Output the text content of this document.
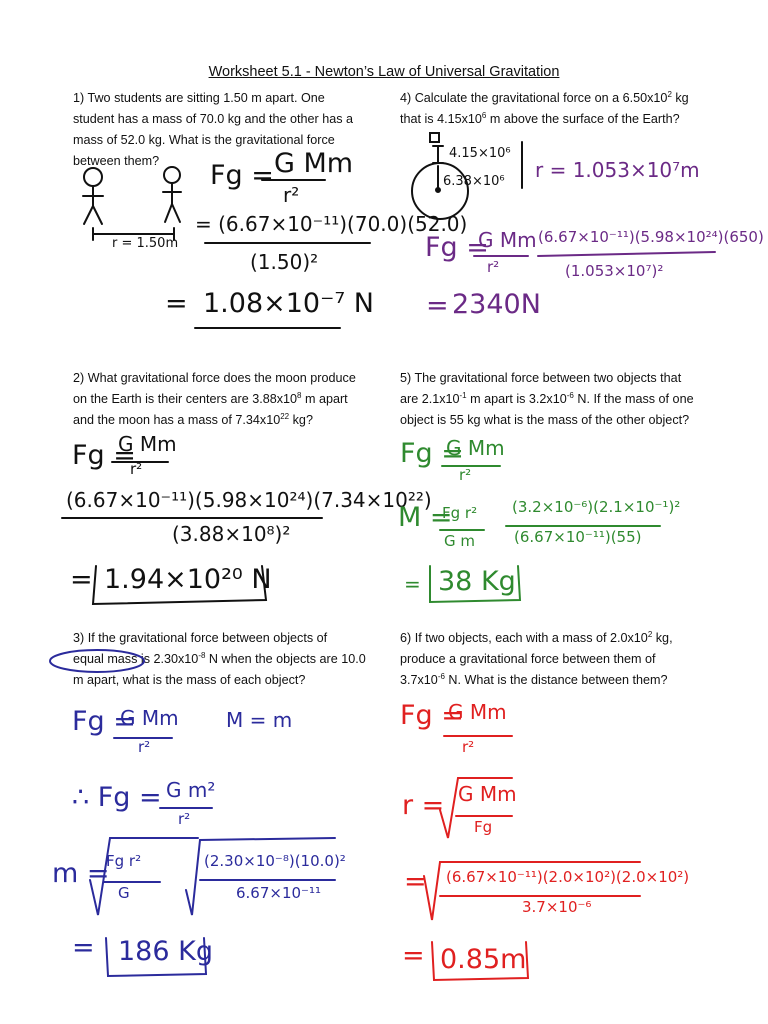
Worksheet 5.1 - Newton’s Law of Universal Gravitation
1) Two students are sitting 1.50 m apart. One
student has a mass of 70.0 kg and the other has a
mass of 52.0 kg. What is the gravitational force
between them?	Fg = G Mm
r²
= (6.67×10⁻¹¹)(70.0)(52.0)
(1.50)²
= 1.08×10⁻⁷ N
r = 1.50m
4) Calculate the gravitational force on a $6.50x10^2$ kg
that is $4.15x10^6$ m above the surface of the Earth?
4.15×10⁶
6.38×10⁶ r = 1.053×10⁷m
Fg =
G Mm
r²
(6.67×10⁻¹¹)(5.98×10²⁴)(650)
(1.053×10⁷)²
= 2340N
2) What gravitational force does the moon produce
on the Earth is their centers are $3.88x10^8$ m apart
and the moon has a mass of $7.34x10^{22}$ kg?
Fg =
G Mm
r²
(6.67×10⁻¹¹)(5.98×10²⁴)(7.34×10²²)
(3.88×10⁸)²
= 1.94×10²⁰ N
5) The gravitational force between two objects that
are $2.1x10^{-1}$ m apart is $3.2x10^{-6}$ N. If the mass of one
object is 55 kg what is the mass of the other object?
Fg =
G Mm
r²
M =
Fg r²
G m
(3.2×10⁻⁶)(2.1×10⁻¹)²
(6.67×10⁻¹¹)(55)
= 38 Kg
3) If the gravitational force between objects of
equal mass is $2.30x10^{-8}$ N when the objects are 10.0
m apart, what is the mass of each object?
Fg =
G Mm
r²
M = m
∴ Fg = G m²
r²
m =
Fg r²
G
(2.30×10⁻⁸)(10.0)²
6.67×10⁻¹¹
= 186 Kg
6) If two objects, each with a mass of $2.0x10^2$ kg,
produce a gravitational force between them of
$3.7x10^{-6}$ N. What is the distance between them?
Fg =
G Mm
r²
r = G Mm
Fg
= (6.67×10⁻¹¹)(2.0×10²)(2.0×10²)
3.7×10⁻⁶
= 0.85m
